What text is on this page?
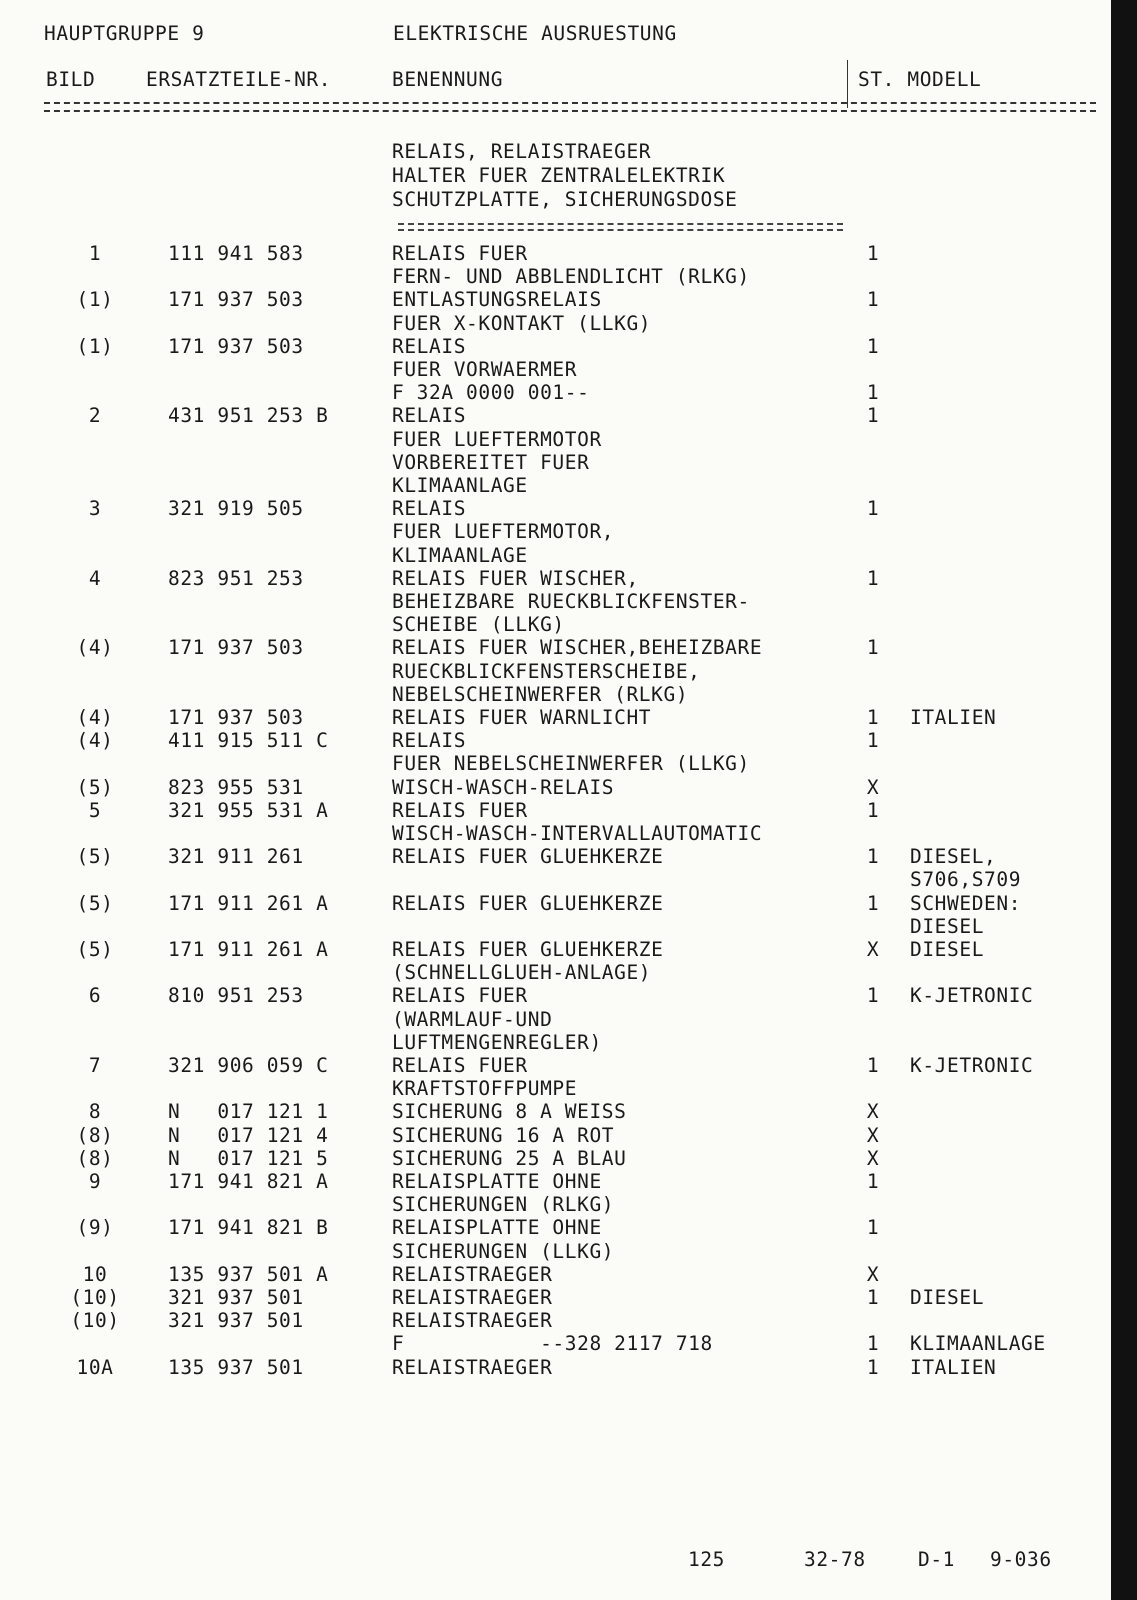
HAUPTGRUPPE 9	ELEKTRISCHE AUSRUESTUNG
BILD	ERSATZTEILE-NR.	BENENNUNG	ST. MODELL
RELAIS, RELAISTRAEGER
HALTER FUER ZENTRALELEKTRIK
SCHUTZPLATTE, SICHERUNGSDOSE
1	111 941 583	RELAIS FUER	1
FERN- UND ABBLENDLICHT (RLKG)
(1)	171 937 503	ENTLASTUNGSRELAIS	1
FUER X-KONTAKT (LLKG)
(1)	171 937 503	RELAIS	1
FUER VORWAERMER
F 32A 0000 001--	1
2	431 951 253 B	RELAIS	1
FUER LUEFTERMOTOR
VORBEREITET FUER
KLIMAANLAGE
3	321 919 505	RELAIS	1
FUER LUEFTERMOTOR,
KLIMAANLAGE
4	823 951 253	RELAIS FUER WISCHER,	1
BEHEIZBARE RUECKBLICKFENSTER-
SCHEIBE (LLKG)
(4)	171 937 503	RELAIS FUER WISCHER,BEHEIZBARE	1
RUECKBLICKFENSTERSCHEIBE,
NEBELSCHEINWERFER (RLKG)
(4)	171 937 503	RELAIS FUER WARNLICHT	1	ITALIEN
(4)	411 915 511 C	RELAIS	1
FUER NEBELSCHEINWERFER (LLKG)
(5)	823 955 531	WISCH-WASCH-RELAIS	X
5	321 955 531 A	RELAIS FUER	1
WISCH-WASCH-INTERVALLAUTOMATIC
(5)	321 911 261	RELAIS FUER GLUEHKERZE	1	DIESEL,
S706,S709
(5)	171 911 261 A	RELAIS FUER GLUEHKERZE	1	SCHWEDEN:
DIESEL
(5)	171 911 261 A	RELAIS FUER GLUEHKERZE	X	DIESEL
(SCHNELLGLUEH-ANLAGE)
6	810 951 253	RELAIS FUER	1	K-JETRONIC
(WARMLAUF-UND
LUFTMENGENREGLER)
7	321 906 059 C	RELAIS FUER	1	K-JETRONIC
KRAFTSTOFFPUMPE
8	N   017 121 1	SICHERUNG 8 A WEISS	X
(8)	N   017 121 4	SICHERUNG 16 A ROT	X
(8)	N   017 121 5	SICHERUNG 25 A BLAU	X
9	171 941 821 A	RELAISPLATTE OHNE	1
SICHERUNGEN (RLKG)
(9)	171 941 821 B	RELAISPLATTE OHNE	1
SICHERUNGEN (LLKG)
10	135 937 501 A	RELAISTRAEGER	X
(10)	321 937 501	RELAISTRAEGER	1	DIESEL
(10)	321 937 501	RELAISTRAEGER
F           --328 2117 718	1	KLIMAANLAGE
10A	135 937 501	RELAISTRAEGER	1	ITALIEN
125	32-78	D-1 9-036
